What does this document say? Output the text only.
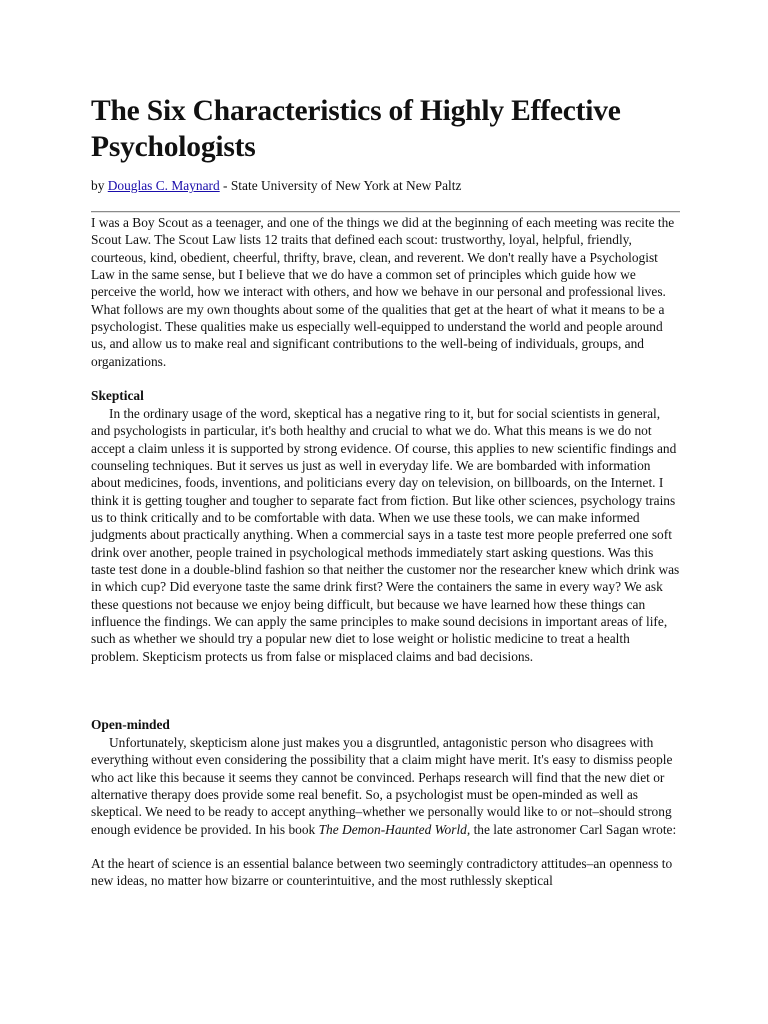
The Six Characteristics of Highly Effective Psychologists
by Douglas C. Maynard - State University of New York at New Paltz

I was a Boy Scout as a teenager, and one of the things we did at the beginning of each meeting was recite the Scout Law. The Scout Law lists 12 traits that defined each scout: trustworthy, loyal, helpful, friendly, courteous, kind, obedient, cheerful, thrifty, brave, clean, and reverent. We don't really have a Psychologist Law in the same sense, but I believe that we do have a common set of principles which guide how we perceive the world, how we interact with others, and how we behave in our personal and professional lives. What follows are my own thoughts about some of the qualities that get at the heart of what it means to be a psychologist. These qualities make us especially well-equipped to understand the world and people around us, and allow us to make real and significant contributions to the well-being of individuals, groups, and organizations.

Skeptical

In the ordinary usage of the word, skeptical has a negative ring to it, but for social scientists in general, and psychologists in particular, it's both healthy and crucial to what we do. What this means is we do not accept a claim unless it is supported by strong evidence. Of course, this applies to new scientific findings and counseling techniques. But it serves us just as well in everyday life. We are bombarded with information about medicines, foods, inventions, and politicians every day on television, on billboards, on the Internet. I think it is getting tougher and tougher to separate fact from fiction. But like other sciences, psychology trains us to think critically and to be comfortable with data. When we use these tools, we can make informed judgments about practically anything. When a commercial says in a taste test more people preferred one soft drink over another, people trained in psychological methods immediately start asking questions. Was this taste test done in a double-blind fashion so that neither the customer nor the researcher knew which drink was in which cup? Did everyone taste the same drink first? Were the containers the same in every way? We ask these questions not because we enjoy being difficult, but because we have learned how these things can influence the findings. We can apply the same principles to make sound decisions in important areas of life, such as whether we should try a popular new diet to lose weight or holistic medicine to treat a health problem. Skepticism protects us from false or misplaced claims and bad decisions.

Open-minded

Unfortunately, skepticism alone just makes you a disgruntled, antagonistic person who disagrees with everything without even considering the possibility that a claim might have merit. It's easy to dismiss people who act like this because it seems they cannot be convinced. Perhaps research will find that the new diet or alternative therapy does provide some real benefit. So, a psychologist must be open-minded as well as skeptical. We need to be ready to accept anything–whether we personally would like to or not–should strong enough evidence be provided. In his book The Demon-Haunted World, the late astronomer Carl Sagan wrote:

At the heart of science is an essential balance between two seemingly contradictory attitudes–an openness to new ideas, no matter how bizarre or counterintuitive, and the most ruthlessly skeptical
